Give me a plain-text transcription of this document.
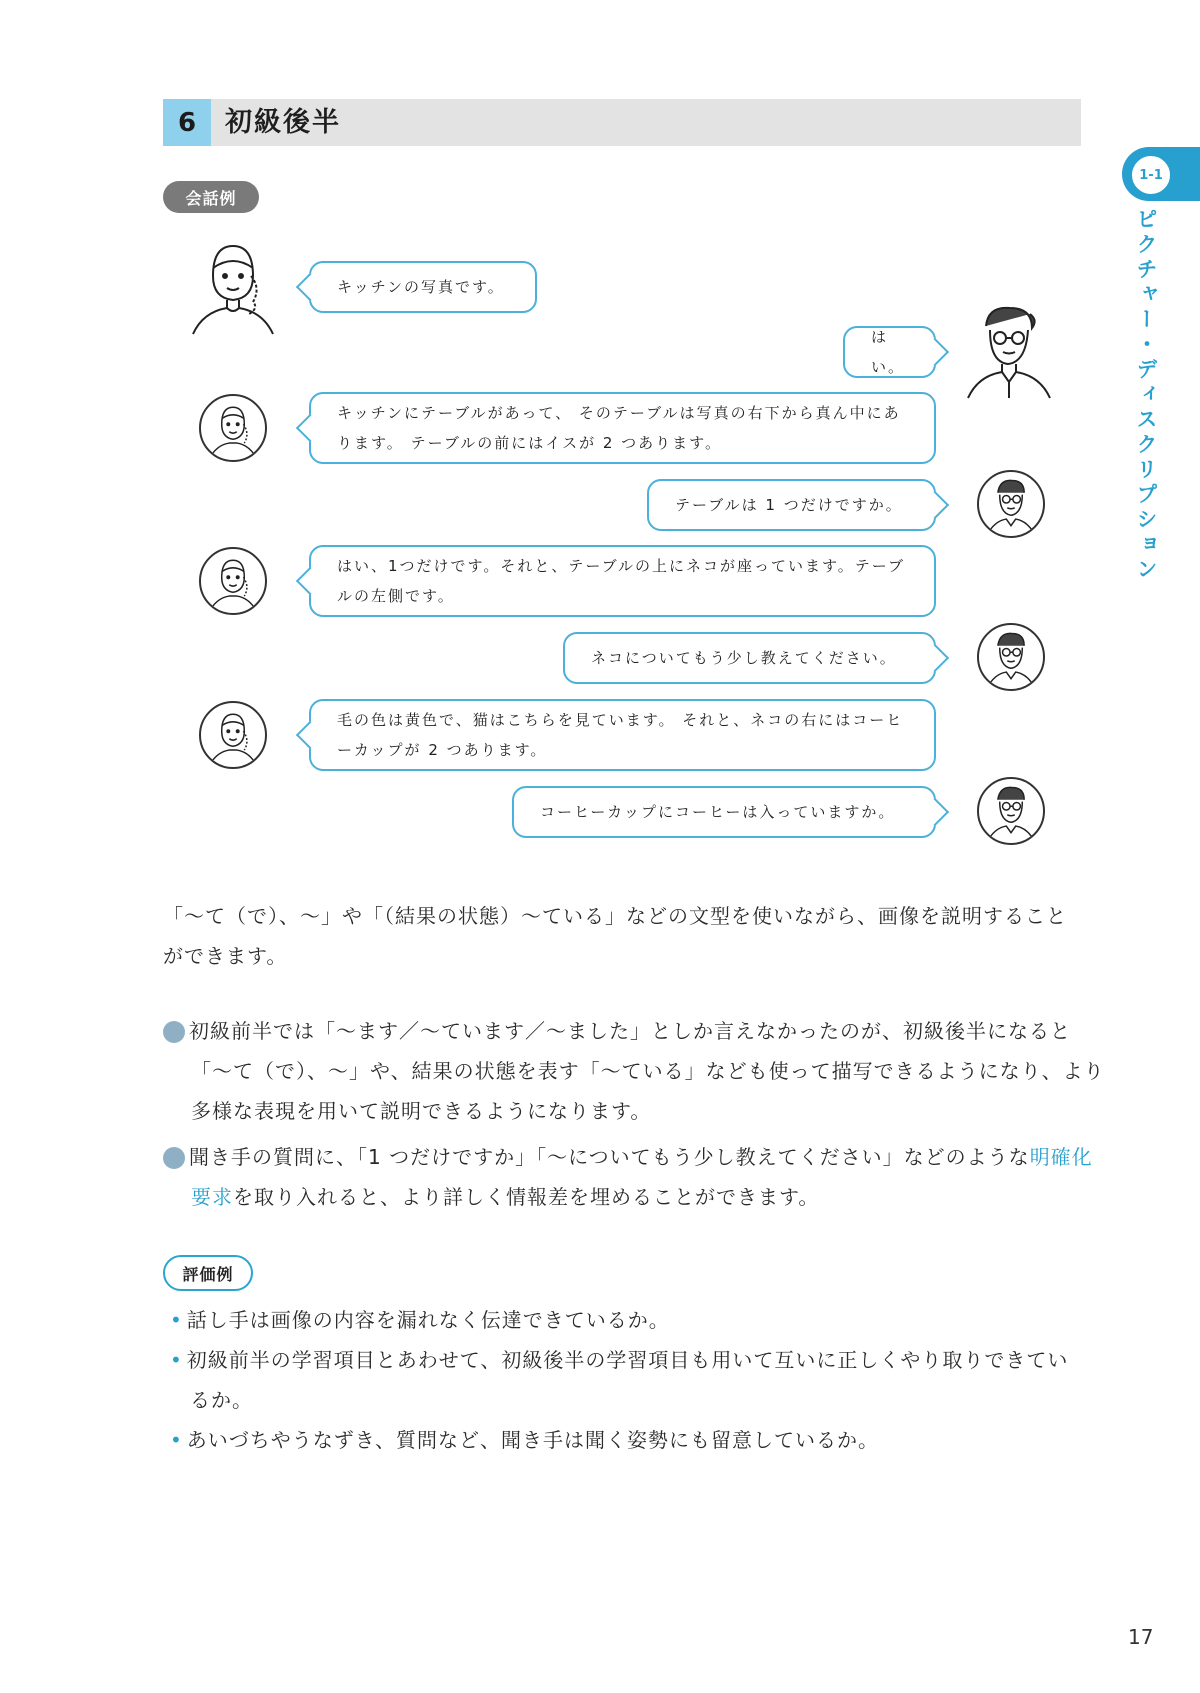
6	初級後半
1-1
ピクチャー・ディスクリプション
会話例
キッチンの写真です。
はい。
キッチンにテーブルがあって、 そのテーブルは写真の右下から真ん中にあります。 テーブルの前にはイスが 2 つあります。
テーブルは 1 つだけですか。
はい、1つだけです。それと、テーブルの上にネコが座っています。テーブルの左側です。
ネコについてもう少し教えてください。
毛の色は黄色で、猫はこちらを見ています。 それと、ネコの右にはコーヒーカップが 2 つあります。
コーヒーカップにコーヒーは入っていますか。
「〜て（で）、〜」や「（結果の状態）〜ている」などの文型を使いながら、画像を説明することができます。
1 初級前半では「〜ます／〜ています／〜ました」としか言えなかったのが、初級後半になると「〜て（で）、〜」や、結果の状態を表す「〜ている」なども使って描写できるようになり、より多様な表現を用いて説明できるようになります。
2 聞き手の質問に、「1 つだけですか」「〜についてもう少し教えてください」などのような明確化要求を取り入れると、より詳しく情報差を埋めることができます。
評価例
• 話し手は画像の内容を漏れなく伝達できているか。
• 初級前半の学習項目とあわせて、初級後半の学習項目も用いて互いに正しくやり取りできているか。
• あいづちやうなずき、質問など、聞き手は聞く姿勢にも留意しているか。
17
